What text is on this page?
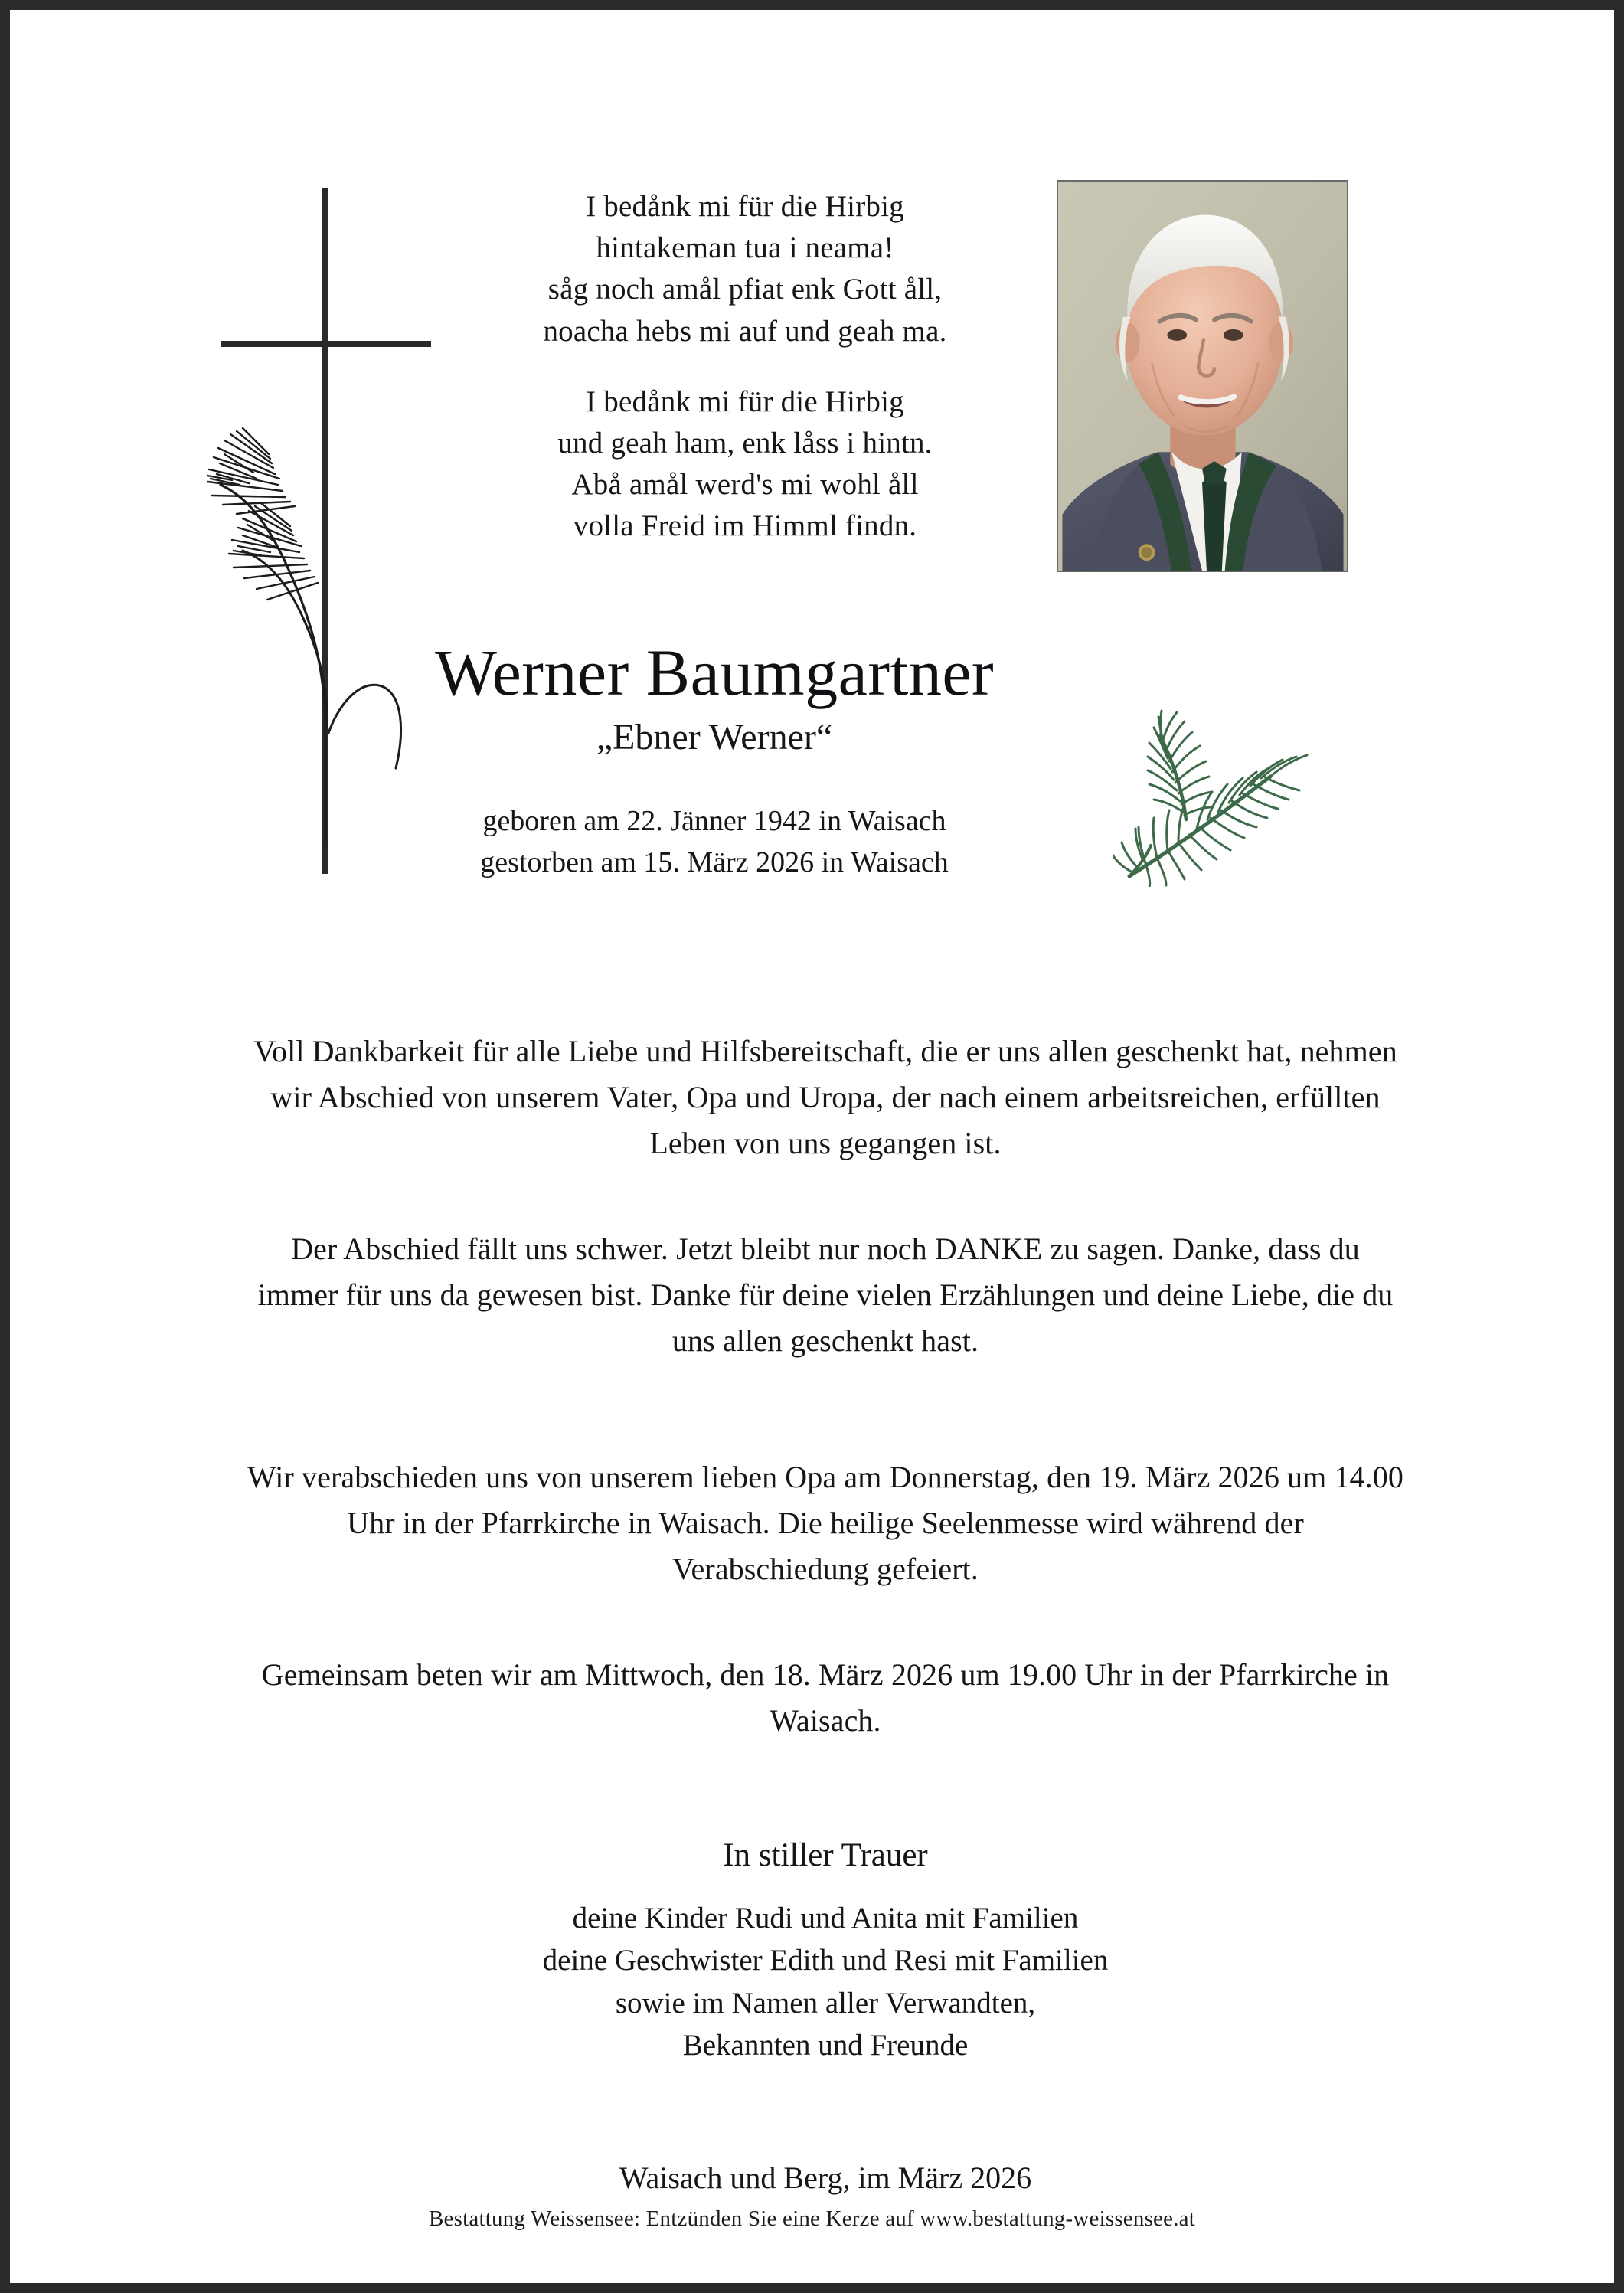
I bedånk mi für die Hirbig
hintakeman tua i neama!
såg noch amål pfiat enk Gott åll,
noacha hebs mi auf und geah ma.
I bedånk mi für die Hirbig
und geah ham, enk låss i hintn.
Abå amål werd's mi wohl åll
volla Freid im Himml findn.
Werner Baumgartner
„Ebner Werner“
geboren am 22. Jänner 1942 in Waisach
gestorben am 15. März 2026 in Waisach

Voll Dankbarkeit für alle Liebe und Hilfsbereitschaft, die er uns allen geschenkt hat, nehmen wir Abschied von unserem Vater, Opa und Uropa, der nach einem arbeitsreichen, erfüllten Leben von uns gegangen ist.

Der Abschied fällt uns schwer. Jetzt bleibt nur noch DANKE zu sagen. Danke, dass du immer für uns da gewesen bist. Danke für deine vielen Erzählungen und deine Liebe, die du uns allen geschenkt hast.

Wir verabschieden uns von unserem lieben Opa am Donnerstag, den 19. März 2026 um 14.00 Uhr in der Pfarrkirche in Waisach. Die heilige Seelenmesse wird während der Verabschiedung gefeiert.

Gemeinsam beten wir am Mittwoch, den 18. März 2026 um 19.00 Uhr in der Pfarrkirche in Waisach.

In stiller Trauer
deine Kinder Rudi und Anita mit Familien
deine Geschwister Edith und Resi mit Familien
sowie im Namen aller Verwandten,
Bekannten und Freunde
Waisach und Berg, im März 2026
Bestattung Weissensee: Entzünden Sie eine Kerze auf www.bestattung-weissensee.at
